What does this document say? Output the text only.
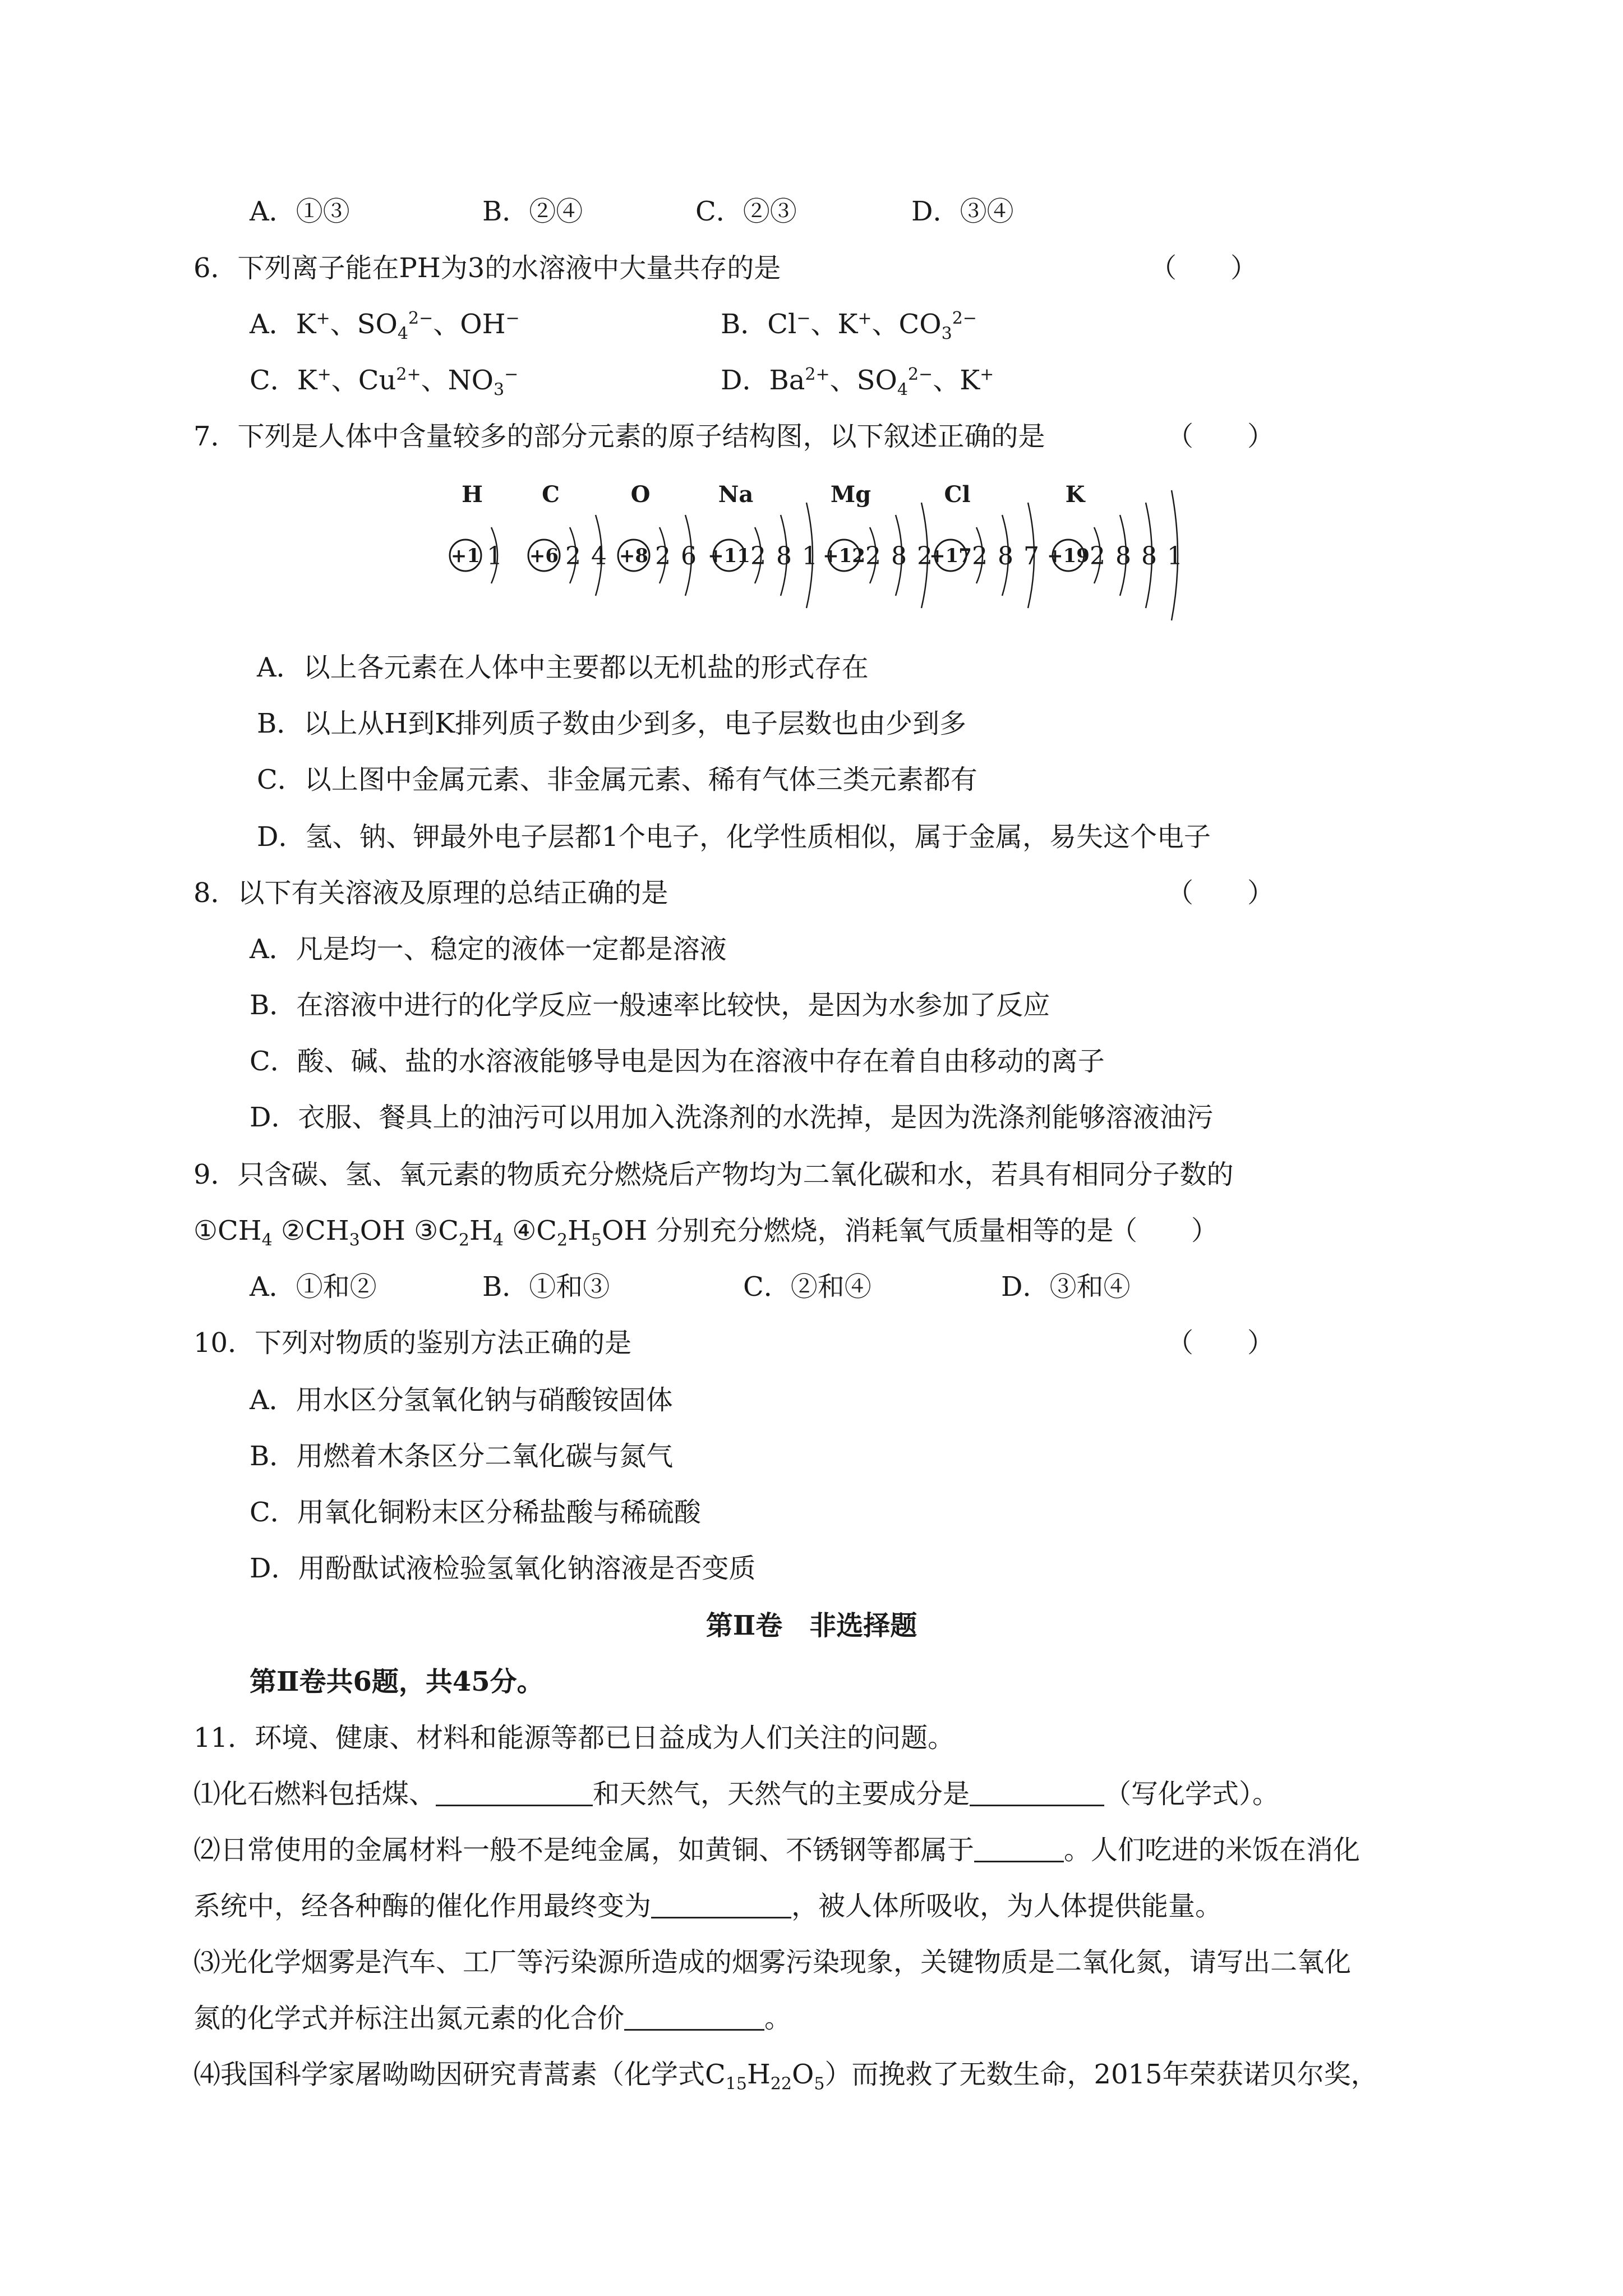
A．①③	B．②④	C．②③	D．③④
6．下列离子能在PH为3的水溶液中大量共存的是	（　　）
A．K+、$SO_4^{2-}$、OH−	B．Cl−、K+、$CO_3^{2-}$
C．K+、$Cu^{2+}$、$NO_3^-$	D．$Ba^{2+}$、$SO_4^{2-}$、K+
7．下列是人体中含量较多的部分元素的原子结构图，以下叙述正确的是	（　　）
H
+1 1
C
+6 2 4
O
+8 2 6
Na
+11 2 8 1
Mg
+12 2 8 2
Cl
+17 2 8 7
K
+19 2 8 8 1
A．以上各元素在人体中主要都以无机盐的形式存在
B．以上从H到K排列质子数由少到多，电子层数也由少到多
C．以上图中金属元素、非金属元素、稀有气体三类元素都有
D．氢、钠、钾最外电子层都1个电子，化学性质相似，属于金属，易失这个电子
8．以下有关溶液及原理的总结正确的是	（　　）
A．凡是均一、稳定的液体一定都是溶液
B．在溶液中进行的化学反应一般速率比较快，是因为水参加了反应
C．酸、碱、盐的水溶液能够导电是因为在溶液中存在着自由移动的离子
D．衣服、餐具上的油污可以用加入洗涤剂的水洗掉，是因为洗涤剂能够溶液油污
9．只含碳、氢、氧元素的物质充分燃烧后产物均为二氧化碳和水，若具有相同分子数的
$①CH_4$ $②CH_3OH$ $③C_2H_4$ $④C_2H_5OH$ 分别充分燃烧，消耗氧气质量相等的是
（　　）
A．①和②	B．①和③	C．②和④	D．③和④
10．下列对物质的鉴别方法正确的是	（　　）
A．用水区分氢氧化钠与硝酸铵固体
B．用燃着木条区分二氧化碳与氮气
C．用氧化铜粉末区分稀盐酸与稀硫酸
D．用酚酞试液检验氢氧化钠溶液是否变质
第Ⅱ卷　非选择题
第Ⅱ卷共6题，共45分。
11．环境、健康、材料和能源等都已日益成为人们关注的问题。
⑴化石燃料包括煤、	和天然气，天然气的主要成分是	（写化学式）。
⑵日常使用的金属材料一般不是纯金属，如黄铜、不锈钢等都属于	。人们吃进的米饭在消化
系统中，经各种酶的催化作用最终变为	，被人体所吸收，为人体提供能量。
⑶光化学烟雾是汽车、工厂等污染源所造成的烟雾污染现象，关键物质是二氧化氮，请写出二氧化
氮的化学式并标注出氮元素的化合价	。
⑷我国科学家屠呦呦因研究青蒿素（化学式$C_{15}H_{22}O_5$）而挽救了无数生命，2015年荣获诺贝尔奖，
